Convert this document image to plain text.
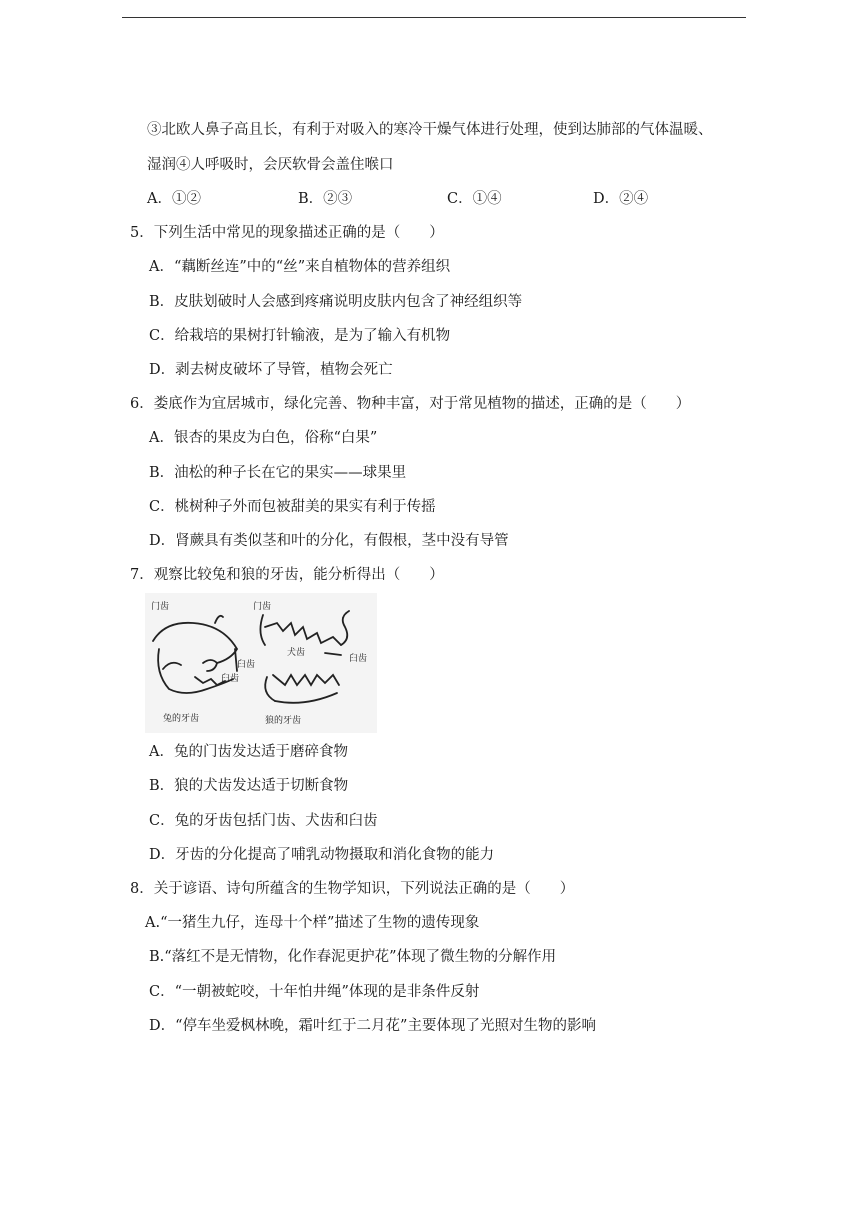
③北欧人鼻子高且长，有利于对吸入的寒冷干燥气体进行处理，使到达肺部的气体温暖、
湿润④人呼吸时，会厌软骨会盖住喉口
A．①②	B．②③	C．①④	D．②④
5．下列生活中常见的现象描述正确的是（　　）
A．“藕断丝连”中的“丝”来自植物体的营养组织
B．皮肤划破时人会感到疼痛说明皮肤内包含了神经组织等
C．给栽培的果树打针输液，是为了输入有机物
D．剥去树皮破坏了导管，植物会死亡
6．娄底作为宜居城市，绿化完善、物种丰富，对于常见植物的描述，正确的是（　　）
A．银杏的果皮为白色，俗称“白果”
B．油松的种子长在它的果实——球果里
C．桃树种子外而包被甜美的果实有利于传摇
D．肾蕨具有类似茎和叶的分化，有假根，茎中没有导管
7．观察比较兔和狼的牙齿，能分析得出（　　）
门齿
臼齿
兔的牙齿
门齿
犬齿
臼齿
臼齿
狼的牙齿
A．兔的门齿发达适于磨碎食物
B．狼的犬齿发达适于切断食物
C．兔的牙齿包括门齿、犬齿和臼齿
D．牙齿的分化提高了哺乳动物摄取和消化食物的能力
8．关于谚语、诗句所蕴含的生物学知识，下列说法正确的是（　　）
A.“一猪生九仔，连母十个样”描述了生物的遗传现象
B.“落红不是无情物，化作春泥更护花”体现了微生物的分解作用
C．“一朝被蛇咬，十年怕井绳”体现的是非条件反射
D．“停车坐爱枫林晚，霜叶红于二月花”主要体现了光照对生物的影响
